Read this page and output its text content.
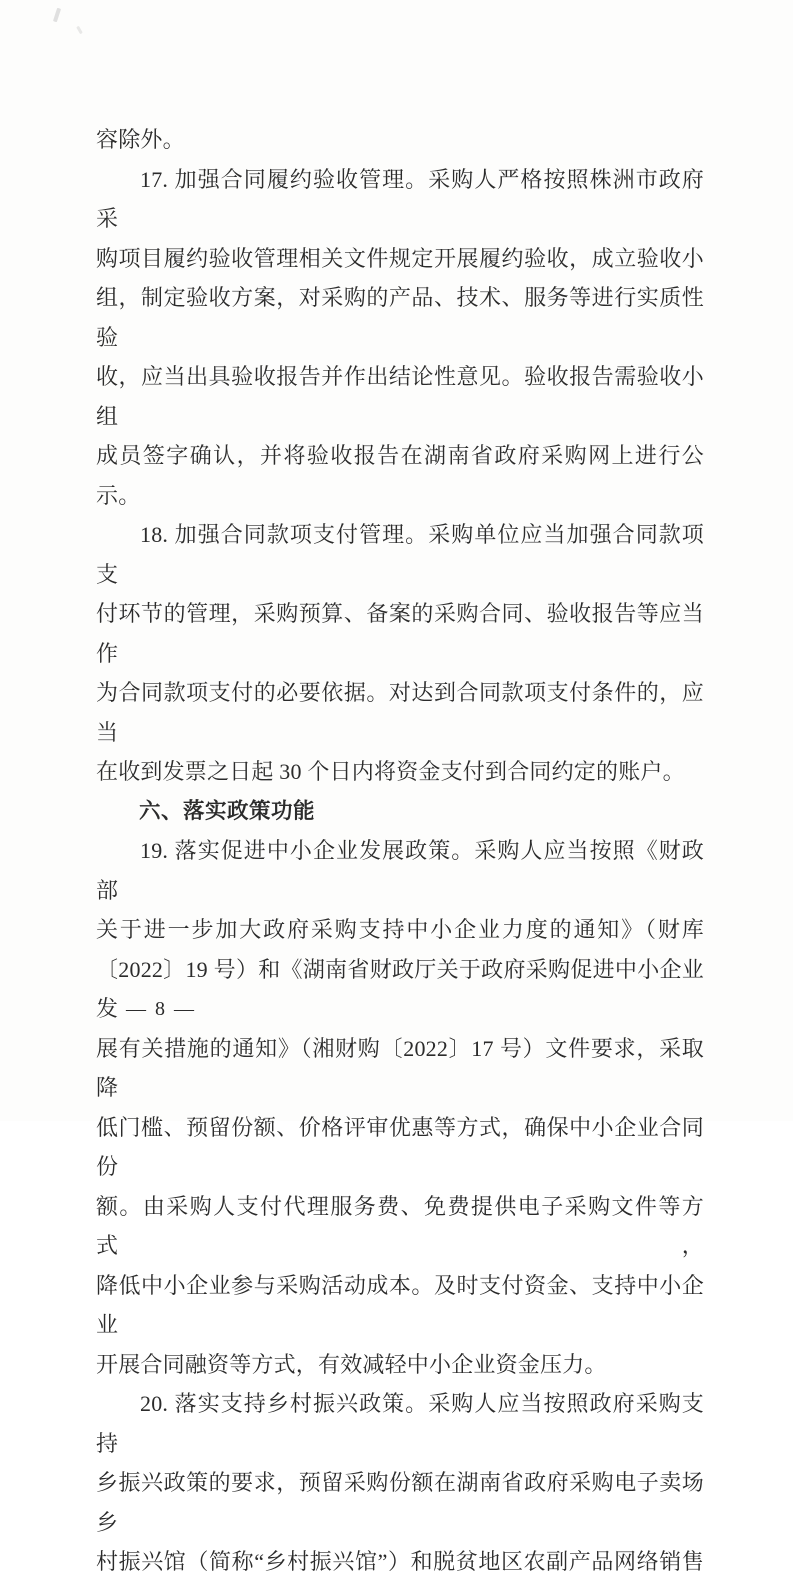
容除外。
17. 加强合同履约验收管理。采购人严格按照株洲市政府采
购项目履约验收管理相关文件规定开展履约验收，成立验收小
组，制定验收方案，对采购的产品、技术、服务等进行实质性验
收，应当出具验收报告并作出结论性意见。验收报告需验收小组
成员签字确认，并将验收报告在湖南省政府采购网上进行公示。
18. 加强合同款项支付管理。采购单位应当加强合同款项支
付环节的管理，采购预算、备案的采购合同、验收报告等应当作
为合同款项支付的必要依据。对达到合同款项支付条件的，应当
在收到发票之日起 30 个日内将资金支付到合同约定的账户。
六、落实政策功能
19. 落实促进中小企业发展政策。采购人应当按照《财政部
关于进一步加大政府采购支持中小企业力度的通知》（财库
〔2022〕19 号）和《湖南省财政厅关于政府采购促进中小企业发
展有关措施的通知》（湘财购〔2022〕17 号）文件要求，采取降
低门槛、预留份额、价格评审优惠等方式，确保中小企业合同份
额。由采购人支付代理服务费、免费提供电子采购文件等方式，
降低中小企业参与采购活动成本。及时支付资金、支持中小企业
开展合同融资等方式，有效减轻中小企业资金压力。
20. 落实支持乡村振兴政策。采购人应当按照政府采购支持
乡振兴政策的要求，预留采购份额在湖南省政府采购电子卖场乡
村振兴馆（简称“乡村振兴馆”）和脱贫地区农副产品网络销售
— 8 —
